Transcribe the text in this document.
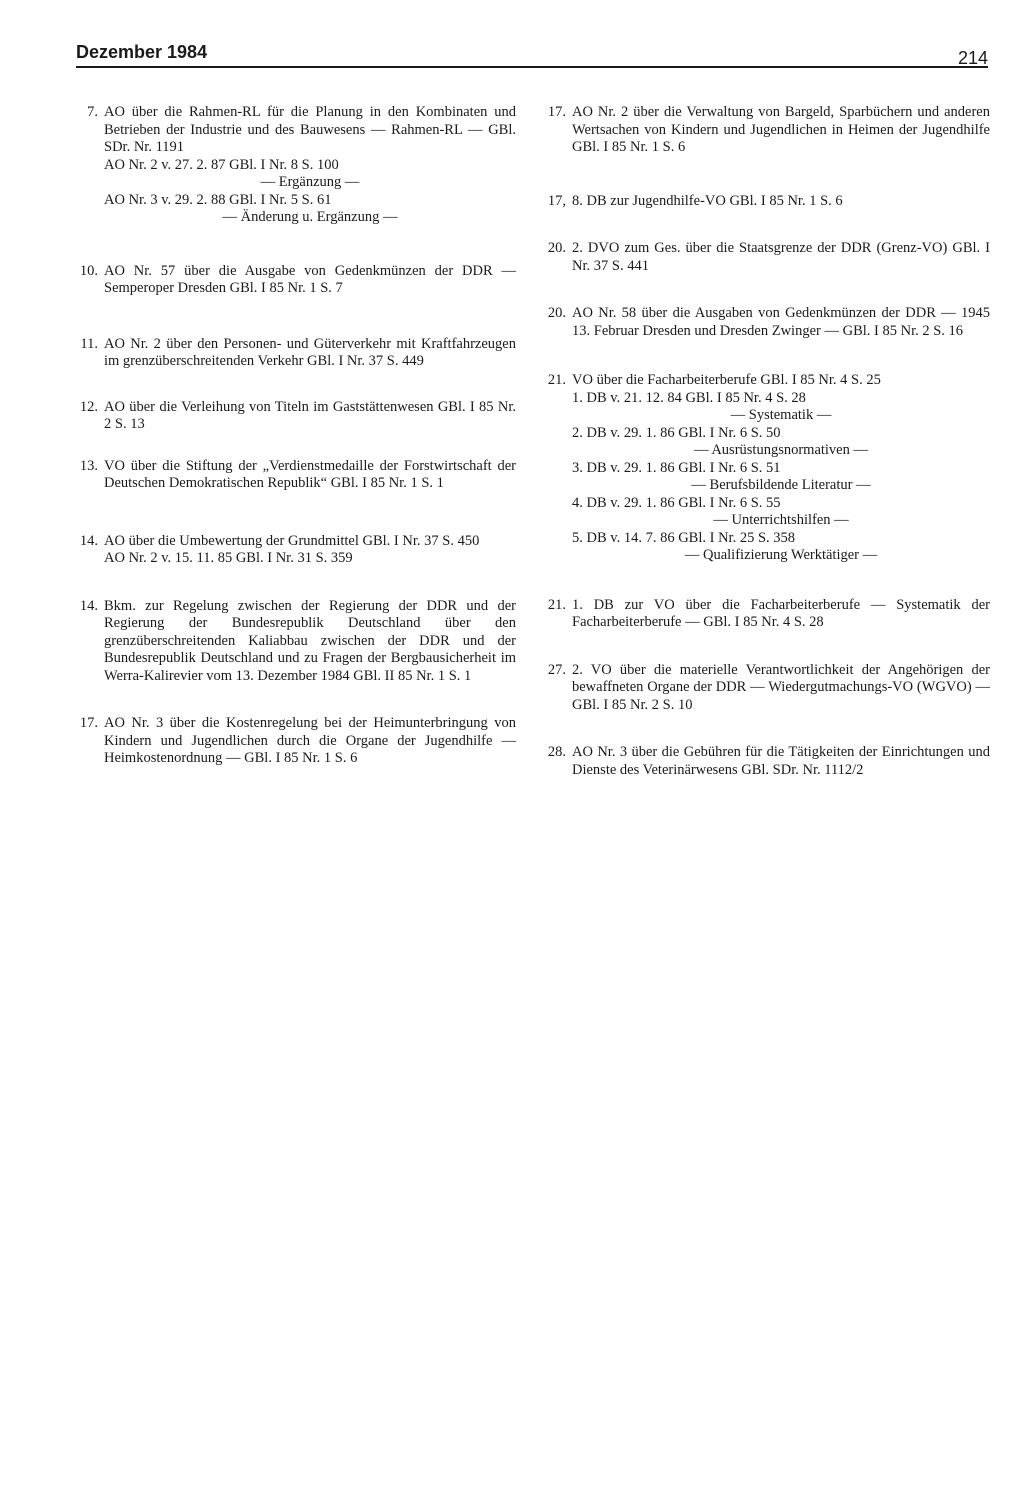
Dezember 1984	214
7. AO über die Rahmen-RL für die Planung in den Kombinaten und Betrieben der Industrie und des Bauwesens — Rahmen-RL — GBl. SDr. Nr. 1191
AO Nr. 2 v. 27. 2. 87 GBl. I Nr. 8 S. 100
— Ergänzung —
AO Nr. 3 v. 29. 2. 88 GBl. I Nr. 5 S. 61
— Änderung u. Ergänzung —
10. AO Nr. 57 über die Ausgabe von Gedenkmünzen der DDR — Semperoper Dresden GBl. I 85 Nr. 1 S. 7
11. AO Nr. 2 über den Personen- und Güterverkehr mit Kraftfahrzeugen im grenzüberschreitenden Verkehr GBl. I Nr. 37 S. 449
12. AO über die Verleihung von Titeln im Gaststättenwesen GBl. I 85 Nr. 2 S. 13
13. VO über die Stiftung der „Verdienstmedaille der Forstwirtschaft der Deutschen Demokratischen Republik“ GBl. I 85 Nr. 1 S. 1
14. AO über die Umbewertung der Grundmittel GBl. I Nr. 37 S. 450
AO Nr. 2 v. 15. 11. 85 GBl. I Nr. 31 S. 359
14. Bkm. zur Regelung zwischen der Regierung der DDR und der Regierung der Bundesrepublik Deutschland über den grenzüberschreitenden Kaliabbau zwischen der DDR und der Bundesrepublik Deutschland und zu Fragen der Bergbausicherheit im Werra-Kalirevier vom 13. Dezember 1984 GBl. II 85 Nr. 1 S. 1
17. AO Nr. 3 über die Kostenregelung bei der Heimunterbringung von Kindern und Jugendlichen durch die Organe der Jugendhilfe — Heimkostenordnung — GBl. I 85 Nr. 1 S. 6
17. AO Nr. 2 über die Verwaltung von Bargeld, Sparbüchern und anderen Wertsachen von Kindern und Jugendlichen in Heimen der Jugendhilfe GBl. I 85 Nr. 1 S. 6
17, 8. DB zur Jugendhilfe-VO GBl. I 85 Nr. 1 S. 6
20. 2. DVO zum Ges. über die Staatsgrenze der DDR (Grenz-VO) GBl. I Nr. 37 S. 441
20. AO Nr. 58 über die Ausgaben von Gedenkmünzen der DDR — 1945 13. Februar Dresden und Dresden Zwinger — GBl. I 85 Nr. 2 S. 16
21. VO über die Facharbeiterberufe GBl. I 85 Nr. 4 S. 25
1. DB v. 21. 12. 84 GBl. I 85 Nr. 4 S. 28
— Systematik —
2. DB v. 29. 1. 86 GBl. I Nr. 6 S. 50
— Ausrüstungsnormativen —
3. DB v. 29. 1. 86 GBl. I Nr. 6 S. 51
— Berufsbildende Literatur —
4. DB v. 29. 1. 86 GBl. I Nr. 6 S. 55
— Unterrichtshilfen —
5. DB v. 14. 7. 86 GBl. I Nr. 25 S. 358
— Qualifizierung Werktätiger —
21. 1. DB zur VO über die Facharbeiterberufe — Systematik der Facharbeiterberufe — GBl. I 85 Nr. 4 S. 28
27. 2. VO über die materielle Verantwortlichkeit der Angehörigen der bewaffneten Organe der DDR — Wiedergutmachungs-VO (WGVO) — GBl. I 85 Nr. 2 S. 10
28. AO Nr. 3 über die Gebühren für die Tätigkeiten der Einrichtungen und Dienste des Veterinärwesens GBl. SDr. Nr. 1112/2
